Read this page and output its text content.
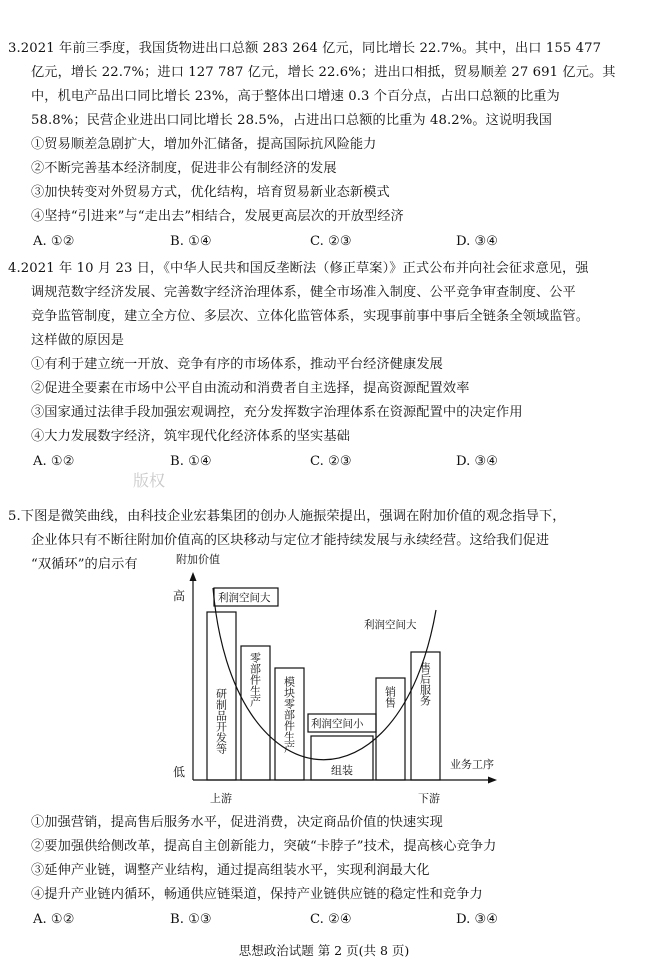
3.2021 年前三季度，我国货物进出口总额 283 264 亿元，同比增长 22.7%。其中，出口 155 477
亿元，增长 22.7%；进口 127 787 亿元，增长 22.6%；进出口相抵，贸易顺差 27 691 亿元。其
中，机电产品出口同比增长 23%，高于整体出口增速 0.3 个百分点，占出口总额的比重为
58.8%；民营企业进出口同比增长 28.5%，占进出口总额的比重为 48.2%。这说明我国
①贸易顺差急剧扩大，增加外汇储备，提高国际抗风险能力
②不断完善基本经济制度，促进非公有制经济的发展
③加快转变对外贸易方式，优化结构，培育贸易新业态新模式
④坚持“引进来”与“走出去”相结合，发展更高层次的开放型经济
A. ①②	B. ①④	C. ②③	D. ③④
4.2021 年 10 月 23 日，《中华人民共和国反垄断法（修正草案）》正式公布并向社会征求意见，强
调规范数字经济发展、完善数字经济治理体系，健全市场准入制度、公平竞争审查制度、公平
竞争监管制度，建立全方位、多层次、立体化监管体系，实现事前事中事后全链条全领域监管。
这样做的原因是
①有利于建立统一开放、竞争有序的市场体系，推动平台经济健康发展
②促进全要素在市场中公平自由流动和消费者自主选择，提高资源配置效率
③国家通过法律手段加强宏观调控，充分发挥数字治理体系在资源配置中的决定作用
④大力发展数字经济，筑牢现代化经济体系的坚实基础
A. ①②	B. ①④	C. ②③	D. ③④
版权
5.下图是微笑曲线，由科技企业宏碁集团的创办人施振荣提出，强调在附加价值的观念指导下，
企业体只有不断往附加价值高的区块移动与定位才能持续发展与永续经营。这给我们促进
“双循环”的启示有	附加价值
高
低
业务工序
上游	下游
利润空间大
利润空间大
利润空间小
研制品开发等
零部件生产 模块零部件生产
组装
销售 售后服务
①加强营销，提高售后服务水平，促进消费，决定商品价值的快速实现
②要加强供给侧改革，提高自主创新能力，突破“卡脖子”技术，提高核心竞争力
③延伸产业链，调整产业结构，通过提高组装水平，实现利润最大化
④提升产业链内循环，畅通供应链渠道，保持产业链供应链的稳定性和竞争力
A. ①②	B. ①③	C. ②④	D. ③④
思想政治试题 第 2 页(共 8 页)
